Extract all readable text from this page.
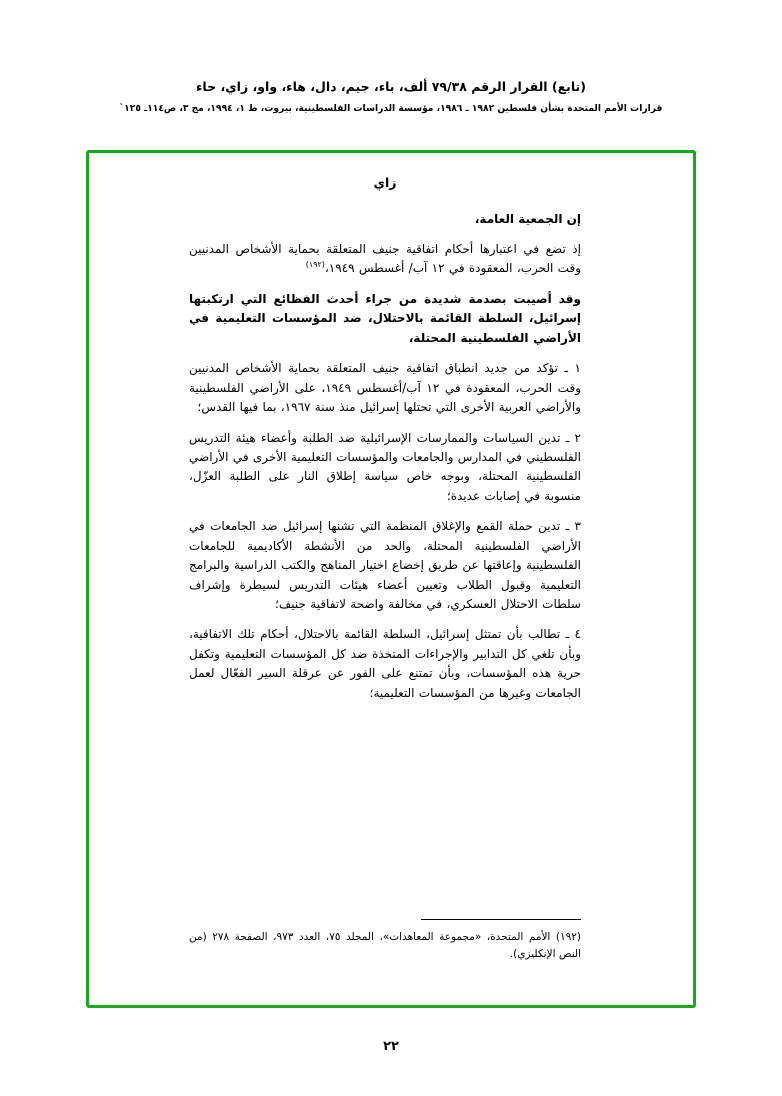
(تابع) القرار الرقم ٧٩/٣٨ ألف، باء، جيم، دال، هاء، واو، زاي، حاء
قرارات الأمم المتحدة بشأن فلسطين ١٩٨٢ ـ ١٩٨٦، مؤسسة الدراسات الفلسطينية، بيروت، ط ١، ١٩٩٤، مج ٣، ص١١٤ـ ١٢٥`
زاي
إن الجمعية العامة،

إذ تضع في اعتبارها أحكام اتفاقية جنيف المتعلقة بحماية الأشخاص المدنيين وقت الحرب، المعقودة في ١٢ آب/ أغسطس ١٩٤٩،$^{(١٩٢)}$

وقد أصيبت بصدمة شديدة من جراء أحدث الفظائع التي ارتكبتها إسرائيل، السلطة القائمة بالاحتلال، ضد المؤسسات التعليمية في الأراضي الفلسطينية المحتلة،

١ ـ تؤكد من جديد انطباق اتفاقية جنيف المتعلقة بحماية الأشخاص المدنيين وقت الحرب، المعقودة في ١٢ آب/أغسطس ١٩٤٩، على الأراضي الفلسطينية والأراضي العربية الأخرى التي تحتلها إسرائيل منذ سنة ١٩٦٧، بما فيها القدس؛

٢ ـ تدين السياسات والممارسات الإسرائيلية ضد الطلبة وأعضاء هيئة التدريس الفلسطيني في المدارس والجامعات والمؤسسات التعليمية الأخرى في الأراضي الفلسطينية المحتلة، وبوجه خاص سياسة إطلاق النار على الطلبة العزّل، منسوبة في إصابات عديدة؛

٣ ـ تدين حملة القمع والإغلاق المنظمة التي تشنها إسرائيل ضد الجامعات في الأراضي الفلسطينية المحتلة، والحد من الأنشطة الأكاديمية للجامعات الفلسطينية وإعاقتها عن طريق إخضاع اختيار المناهج والكتب الدراسية والبرامج التعليمية وقبول الطلاب وتعيين أعضاء هيئات التدريس لسيطرة وإشراف سلطات الاحتلال العسكري، في مخالفة واضحة لاتفاقية جنيف؛

٤ ـ تطالب بأن تمتثل إسرائيل، السلطة القائمة بالاحتلال، أحكام تلك الاتفاقية، وبأن تلغي كل التدابير والإجراءات المتخذة ضد كل المؤسسات التعليمية وتكفل حرية هذه المؤسسات، وبأن تمتنع على الفور عن عرقلة السير الفعّال لعمل الجامعات وغيرها من المؤسسات التعليمية؛

(١٩٢) الأمم المتحدة، «مجموعة المعاهدات»، المجلد ٧٥، العدد ٩٧٣، الصفحة ٢٧٨ (من النص الإنكليزي).
٢٢
